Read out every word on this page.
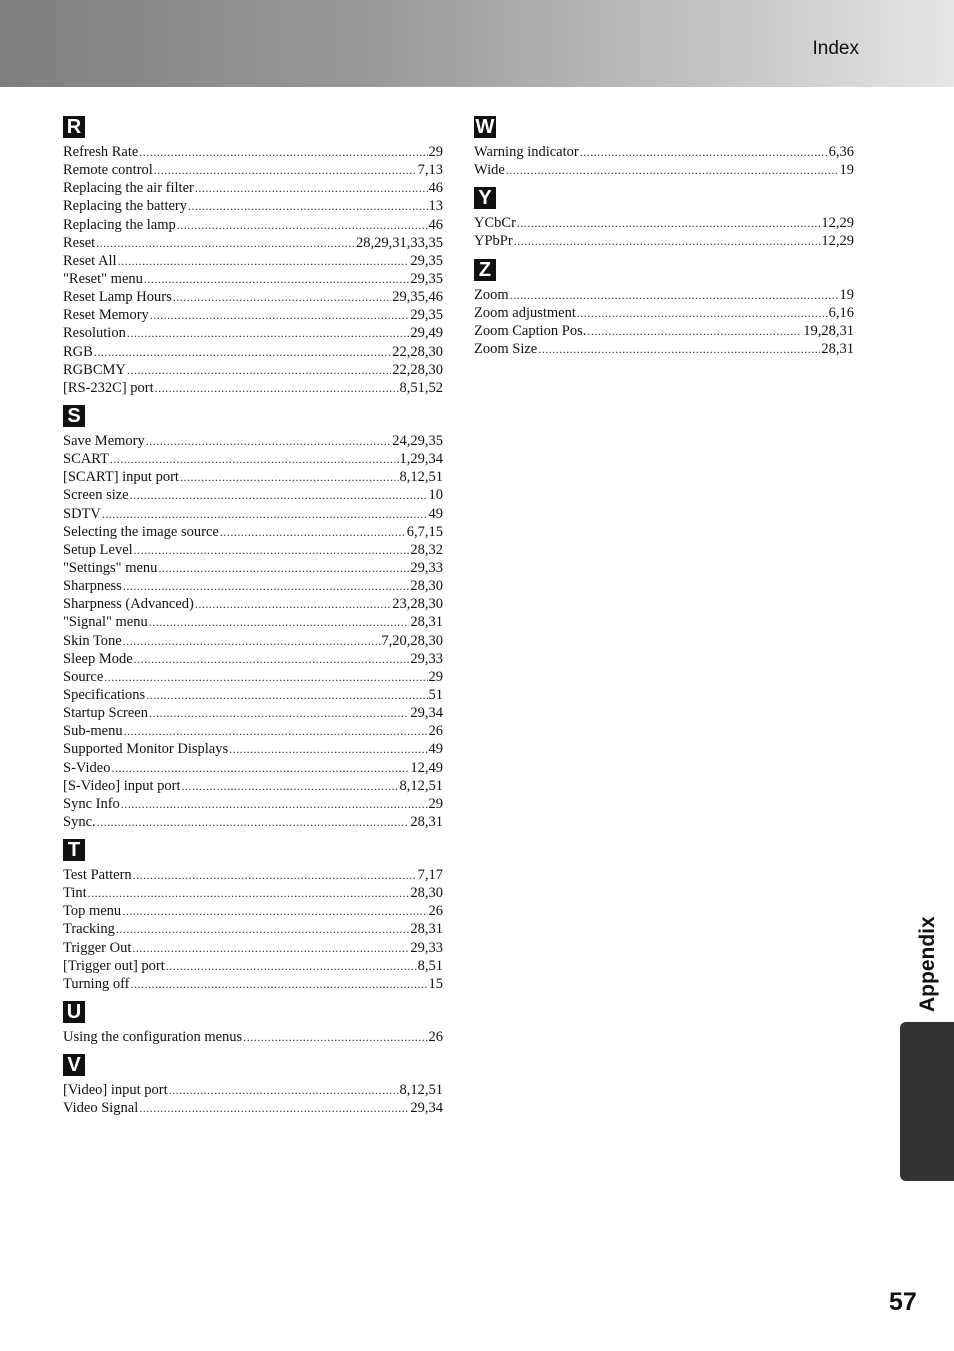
Index
R
Refresh Rate .....	29
Remote control .....	7,13
Replacing the air filter .....	46
Replacing the battery .....	13
Replacing the lamp .....	46
Reset .....	28,29,31,33,35
Reset All .....	29,35
"Reset" menu .....	29,35
Reset Lamp Hours .....	29,35,46
Reset Memory .....	29,35
Resolution .....	29,49
RGB .....	22,28,30
RGBCMY .....	22,28,30
[RS-232C] port .....	8,51,52
S
Save Memory .....	24,29,35
SCART .....	1,29,34
[SCART] input port .....	8,12,51
Screen size .....	10
SDTV .....	49
Selecting the image source .....	6,7,15
Setup Level .....	28,32
"Settings" menu .....	29,33
Sharpness .....	28,30
Sharpness (Advanced) .....	23,28,30
"Signal" menu .....	28,31
Skin Tone .....	7,20,28,30
Sleep Mode .....	29,33
Source .....	29
Specifications .....	51
Startup Screen .....	29,34
Sub-menu .....	26
Supported Monitor Displays .....	49
S-Video .....	12,49
[S-Video] input port .....	8,12,51
Sync Info .....	29
Sync. .....	28,31
T
Test Pattern .....	7,17
Tint .....	28,30
Top menu .....	26
Tracking .....	28,31
Trigger Out .....	29,33
[Trigger out] port .....	8,51
Turning off .....	15
U
Using the configuration menus .....	26
V
[Video] input port .....	8,12,51
Video Signal .....	29,34
W
Warning indicator .....	6,36
Wide .....	19
Y
YCbCr .....	12,29
YPbPr .....	12,29
Z
Zoom .....	19
Zoom adjustment .....	6,16
Zoom Caption Pos. .....	19,28,31
Zoom Size .....	28,31
Appendix
57
